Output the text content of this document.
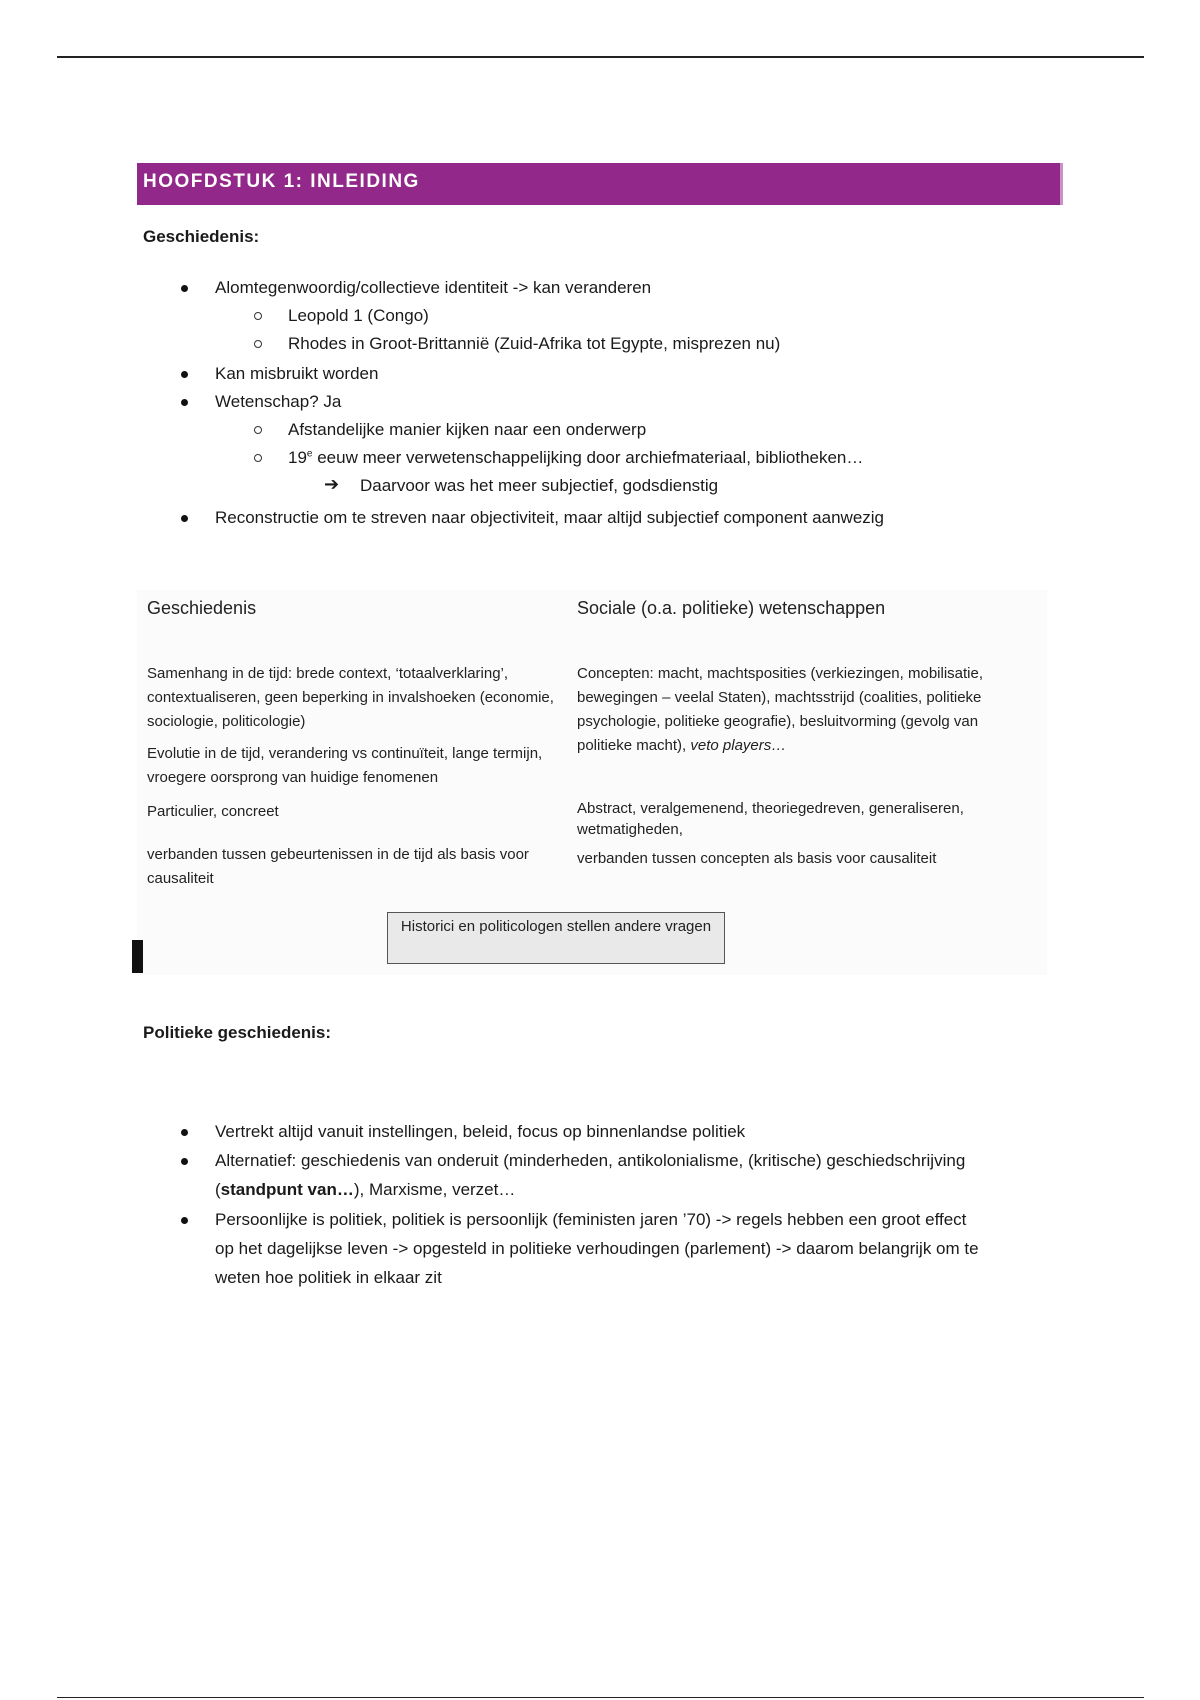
HOOFDSTUK 1: INLEIDING
Geschiedenis:
Alomtegenwoordig/collectieve identiteit -> kan veranderen
Leopold 1 (Congo)
Rhodes in Groot-Brittannië (Zuid-Afrika tot Egypte, misprezen nu)
Kan misbruikt worden
Wetenschap? Ja
Afstandelijke manier kijken naar een onderwerp
19e eeuw meer verwetenschappelijking door archiefmateriaal, bibliotheken…
➔ Daarvoor was het meer subjectief, godsdienstig
Reconstructie om te streven naar objectiviteit, maar altijd subjectief component aanwezig
Geschiedenis
Samenhang in de tijd: brede context, ‘totaalverklaring’, contextualiseren, geen beperking in invalshoeken (economie, sociologie, politicologie)
Evolutie in de tijd, verandering vs continuïteit, lange termijn, vroegere oorsprong van huidige fenomenen
Particulier, concreet
verbanden tussen gebeurtenissen in de tijd als basis voor causaliteit
Sociale (o.a. politieke) wetenschappen
Concepten: macht, machtsposities (verkiezingen, mobilisatie, bewegingen – veelal Staten), machtsstrijd (coalities, politieke psychologie, politieke geografie), besluitvorming (gevolg van politieke macht), veto players…
Abstract, veralgemenend, theoriegedreven, generaliseren, wetmatigheden,
verbanden tussen concepten als basis voor causaliteit
Historici en politicologen stellen andere vragen
Politieke geschiedenis:
Vertrekt altijd vanuit instellingen, beleid, focus op binnenlandse politiek
Alternatief: geschiedenis van onderuit (minderheden, antikolonialisme, (kritische) geschiedschrijving
(standpunt van…), Marxisme, verzet…
Persoonlijke is politiek, politiek is persoonlijk (feministen jaren ’70) -> regels hebben een groot effect
op het dagelijkse leven -> opgesteld in politieke verhoudingen (parlement) -> daarom belangrijk om te
weten hoe politiek in elkaar zit
